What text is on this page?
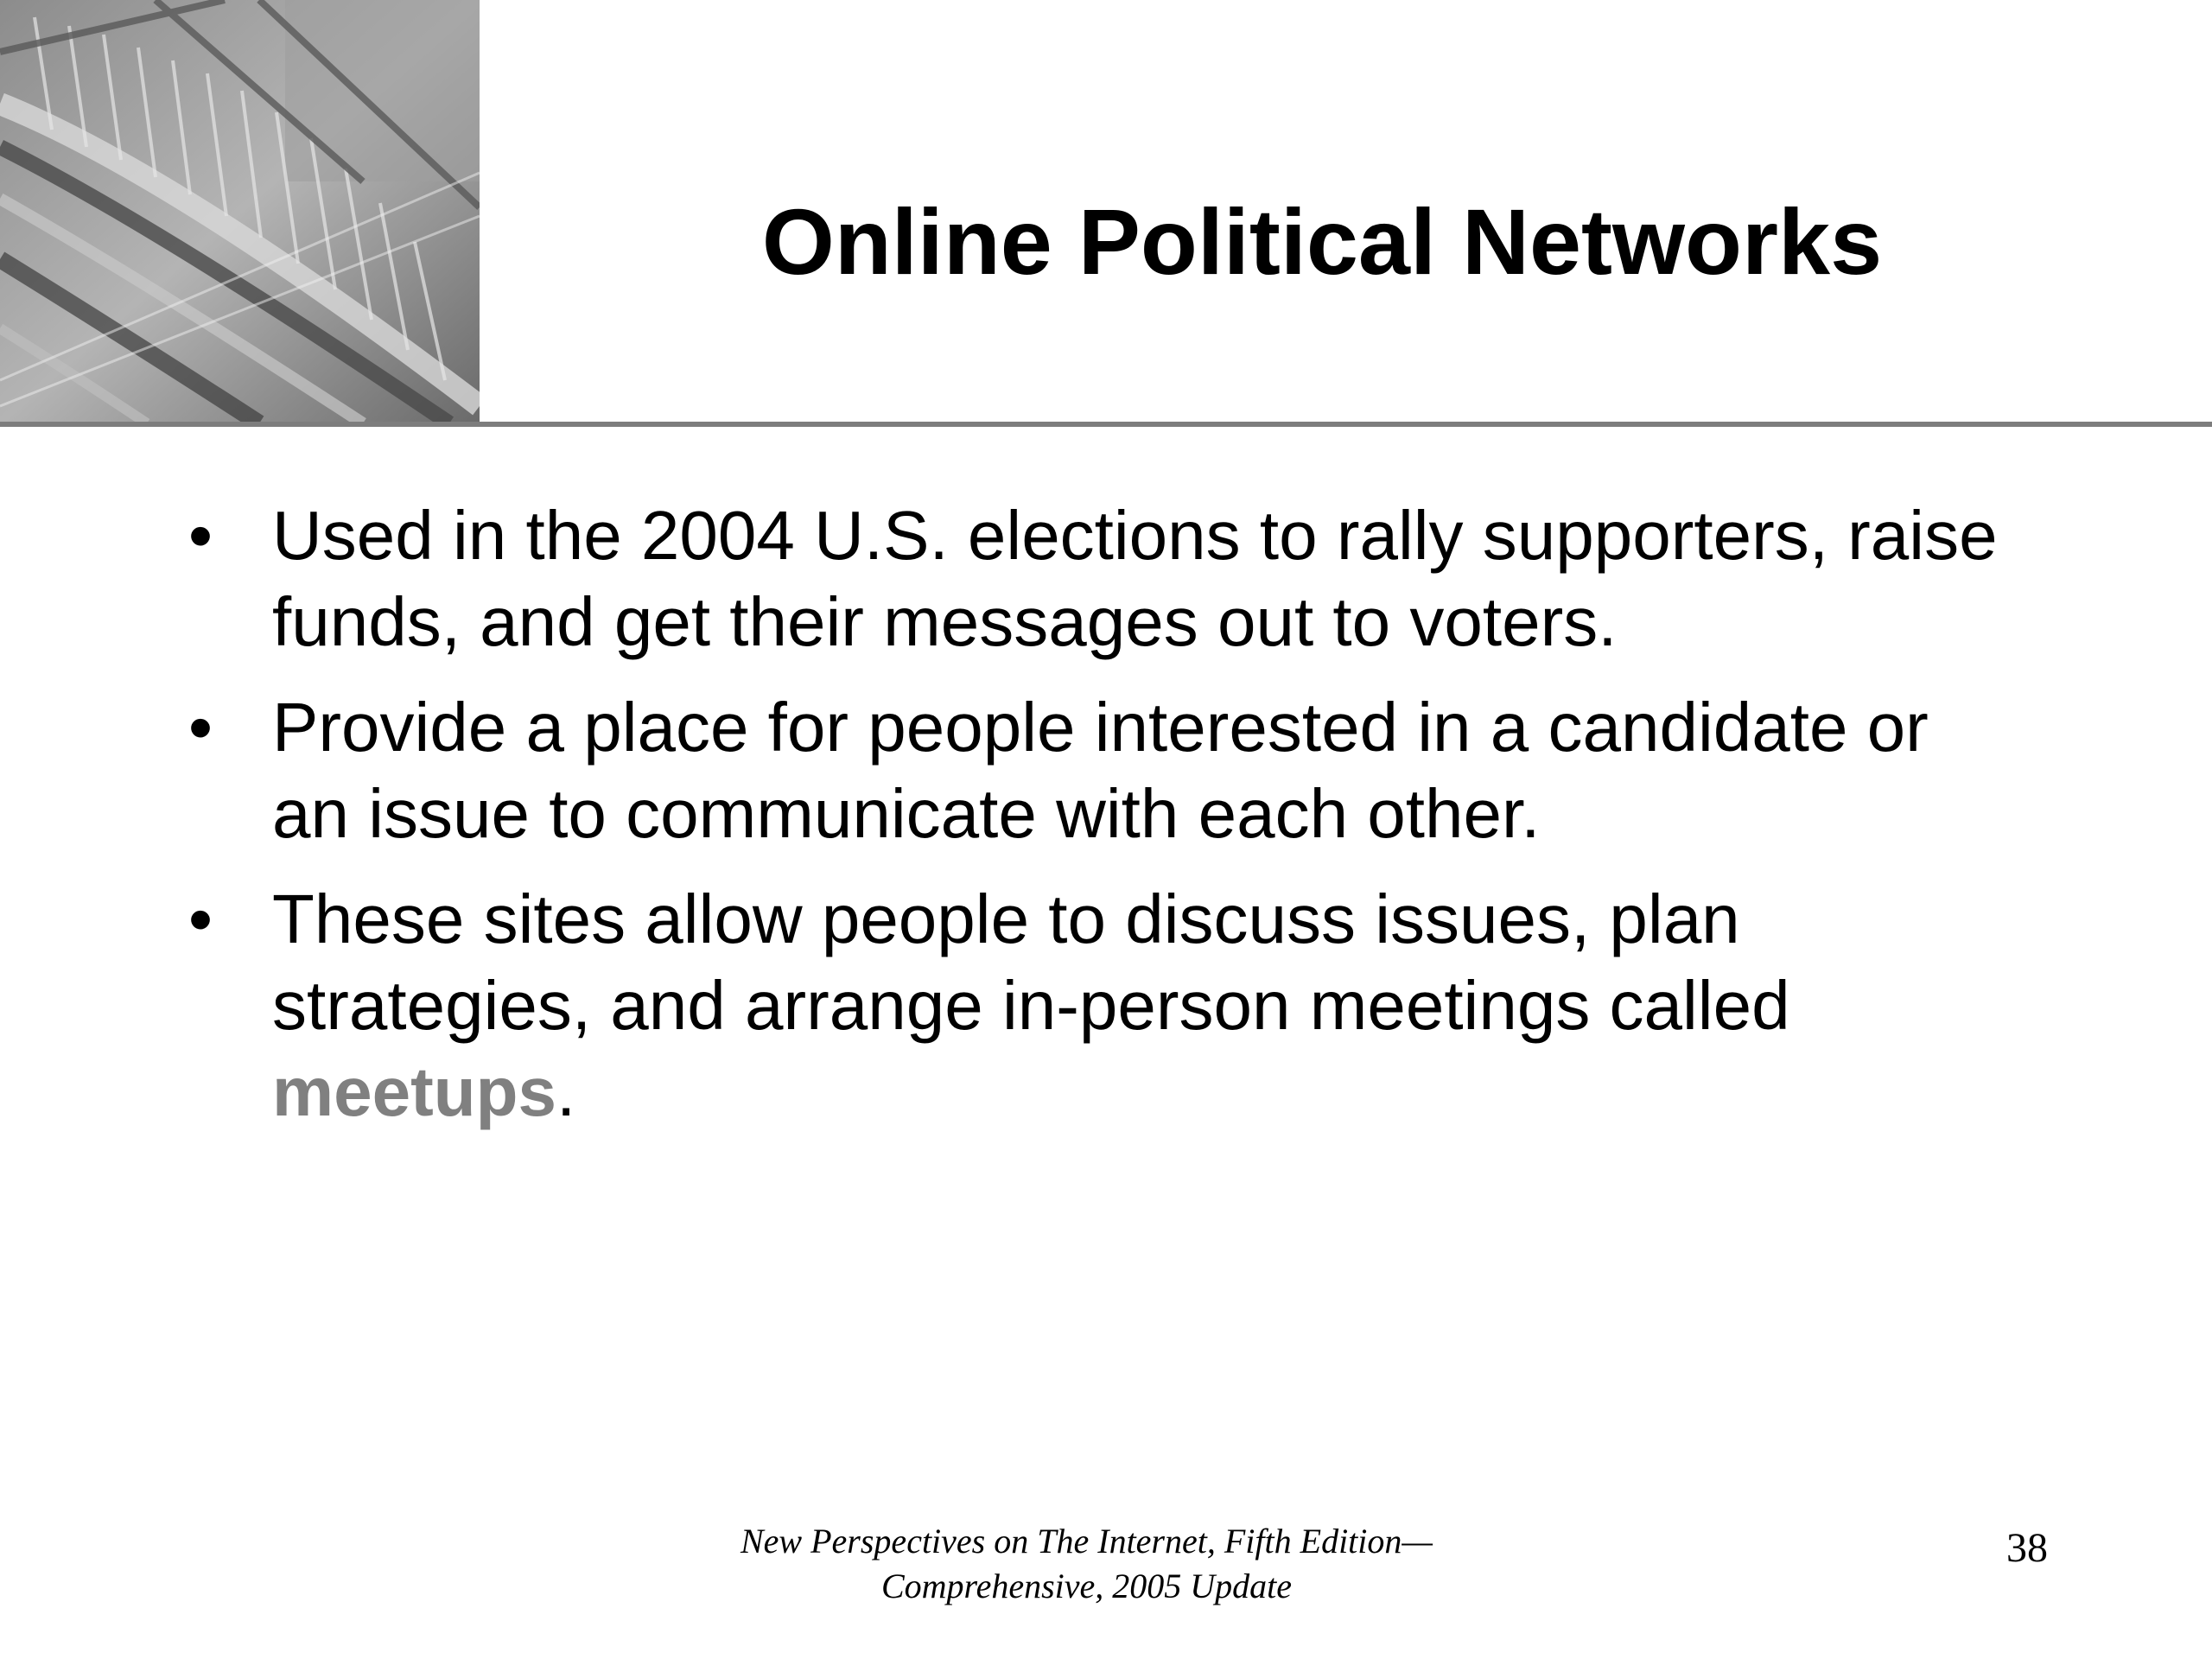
Online Political Networks
• Used in the 2004 U.S. elections to rally supporters, raise funds, and get their messages out to voters.
• Provide a place for people interested in a candidate or an issue to communicate with each other.
• These sites allow people to discuss issues, plan strategies, and arrange in-person meetings called meetups.
New Perspectives on The Internet, Fifth Edition—
Comprehensive, 2005 Update
38
